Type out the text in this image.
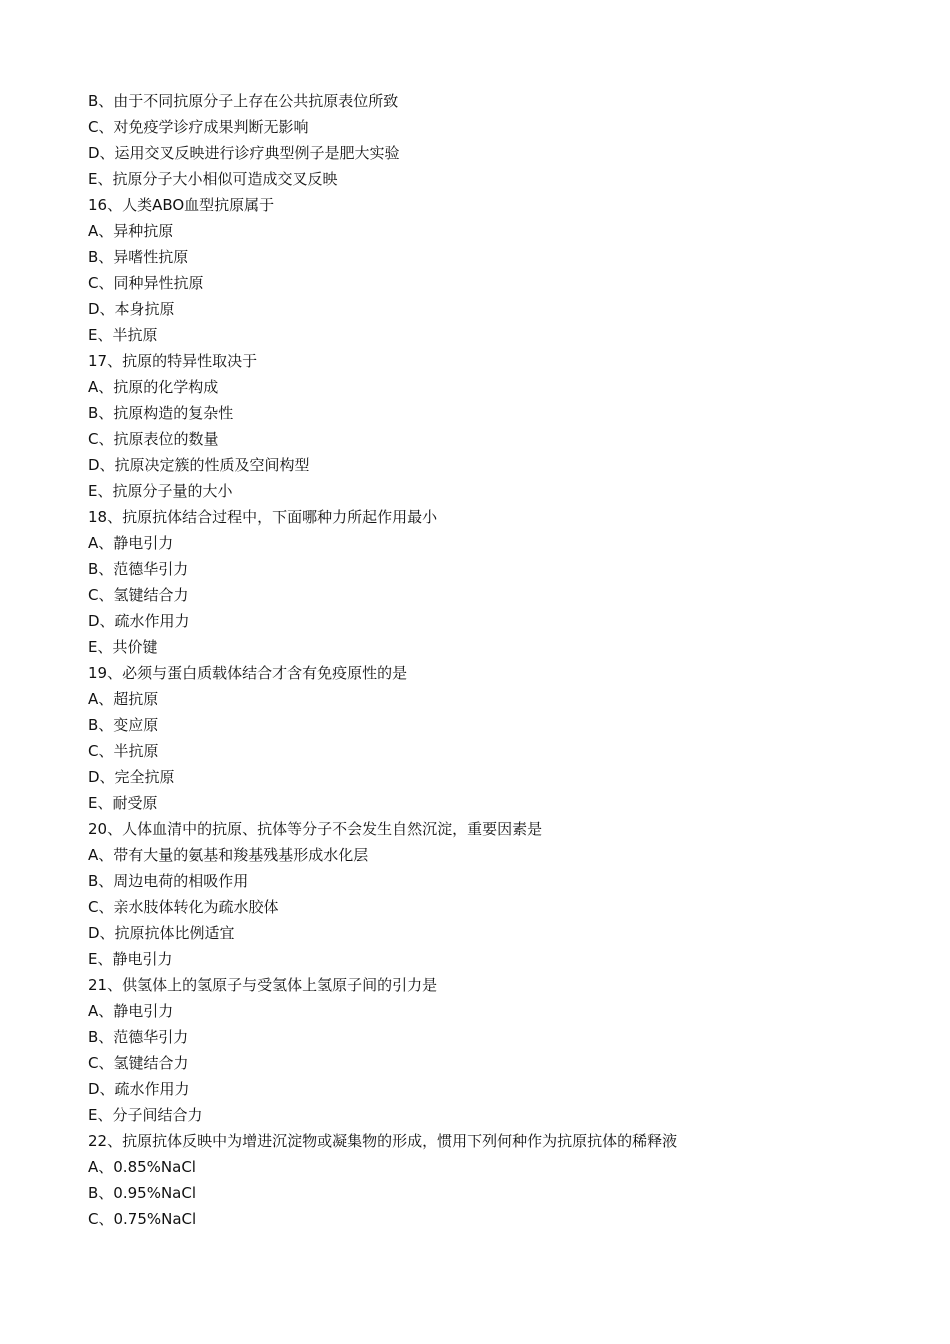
B、由于不同抗原分子上存在公共抗原表位所致
C、对免疫学诊疗成果判断无影响
D、运用交叉反映进行诊疗典型例子是肥大实验
E、抗原分子大小相似可造成交叉反映
16、人类ABO血型抗原属于
A、异种抗原
B、异嗜性抗原
C、同种异性抗原
D、本身抗原
E、半抗原
17、抗原的特异性取决于
A、抗原的化学构成
B、抗原构造的复杂性
C、抗原表位的数量
D、抗原决定簇的性质及空间构型
E、抗原分子量的大小
18、抗原抗体结合过程中，下面哪种力所起作用最小
A、静电引力
B、范德华引力
C、氢键结合力
D、疏水作用力
E、共价键
19、必须与蛋白质载体结合才含有免疫原性的是
A、超抗原
B、变应原
C、半抗原
D、完全抗原
E、耐受原
20、人体血清中的抗原、抗体等分子不会发生自然沉淀，重要因素是
A、带有大量的氨基和羧基残基形成水化层
B、周边电荷的相吸作用
C、亲水肢体转化为疏水胶体
D、抗原抗体比例适宜
E、静电引力
21、供氢体上的氢原子与受氢体上氢原子间的引力是
A、静电引力
B、范德华引力
C、氢键结合力
D、疏水作用力
E、分子间结合力
22、抗原抗体反映中为增进沉淀物或凝集物的形成，惯用下列何种作为抗原抗体的稀释液
A、0.85%NaCl
B、0.95%NaCl
C、0.75%NaCl
